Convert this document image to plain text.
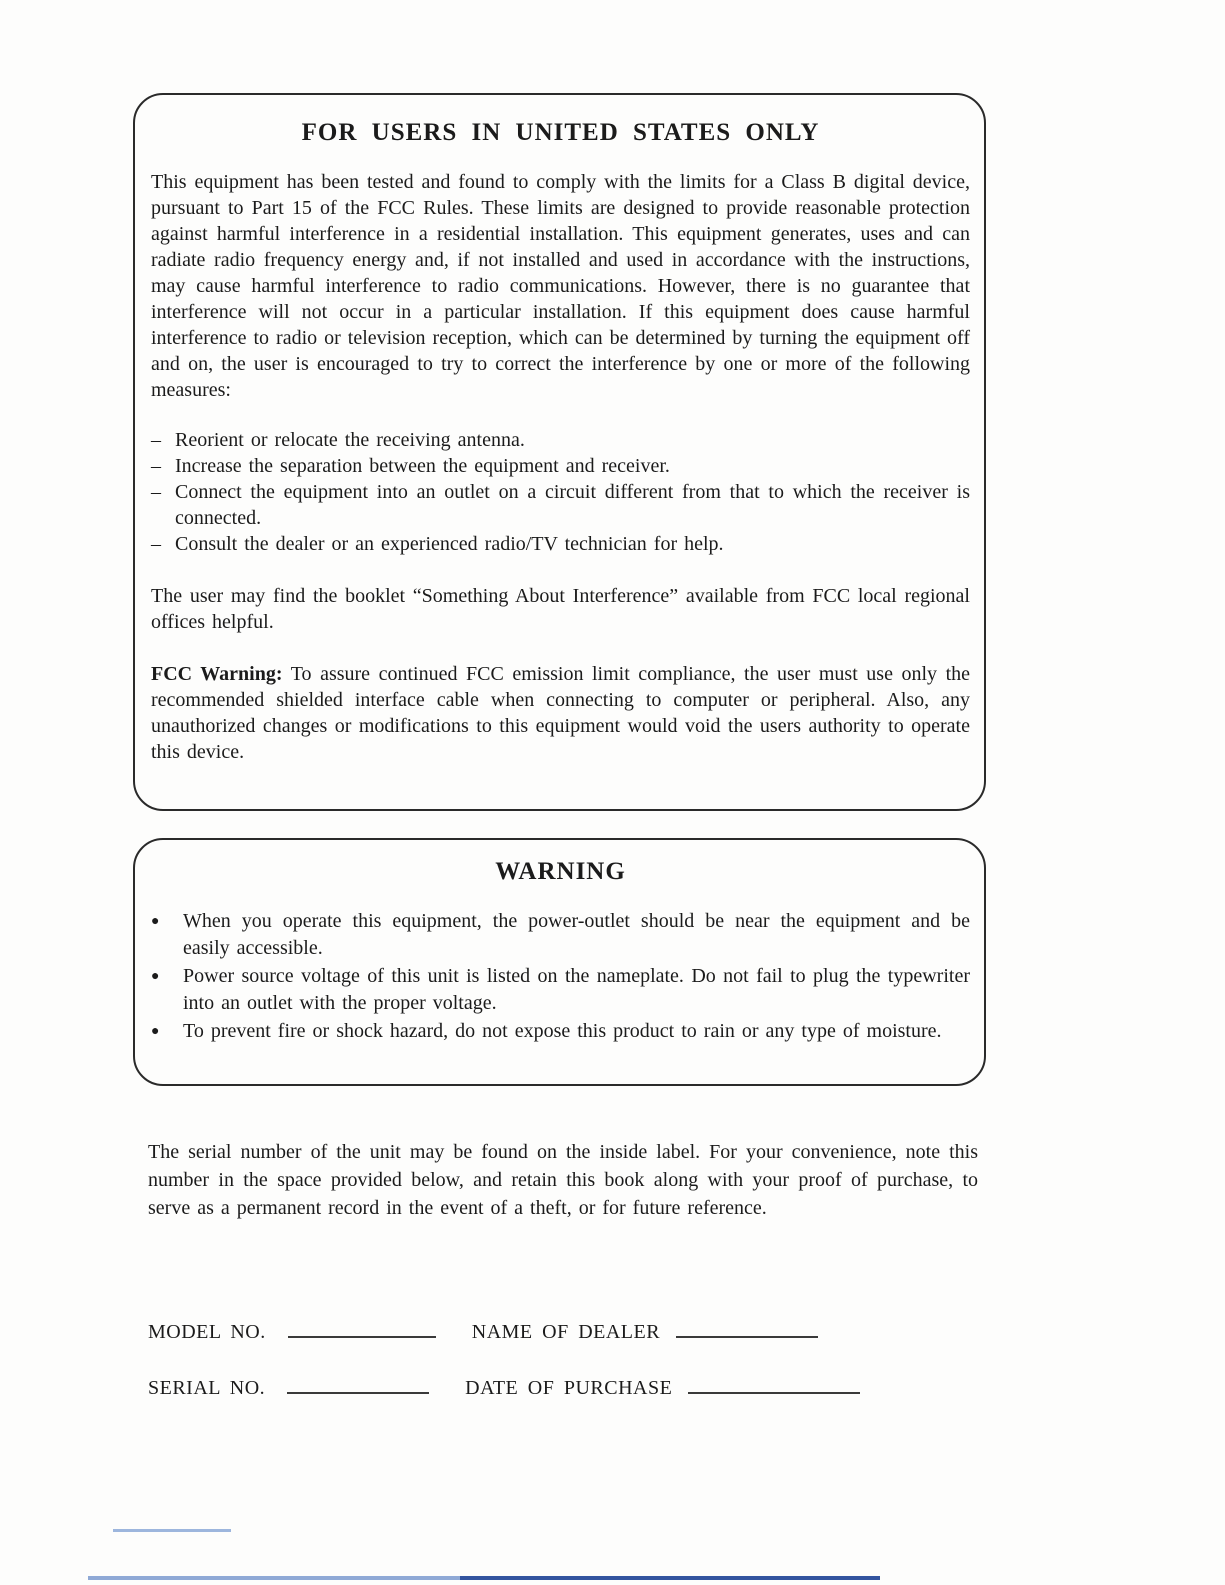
FOR USERS IN UNITED STATES ONLY

This equipment has been tested and found to comply with the limits for a Class B digital device, pursuant to Part 15 of the FCC Rules. These limits are designed to provide reasonable protection against harmful interference in a residential installation. This equipment generates, uses and can radiate radio frequency energy and, if not installed and used in accordance with the instructions, may cause harmful interference to radio communications. However, there is no guarantee that interference will not occur in a particular installation. If this equipment does cause harmful interference to radio or television reception, which can be determined by turning the equipment off and on, the user is encouraged to try to correct the interference by one or more of the following measures:

– Reorient or relocate the receiving antenna.
– Increase the separation between the equipment and receiver.
– Connect the equipment into an outlet on a circuit different from that to which the receiver is connected.
– Consult the dealer or an experienced radio/TV technician for help.

The user may find the booklet “Something About Interference” available from FCC local regional offices helpful.

FCC Warning: To assure continued FCC emission limit compliance, the user must use only the recommended shielded interface cable when connecting to computer or peripheral. Also, any unauthorized changes or modifications to this equipment would void the users authority to operate this device.

WARNING
● When you operate this equipment, the power-outlet should be near the equipment and be easily accessible.
● Power source voltage of this unit is listed on the nameplate. Do not fail to plug the typewriter into an outlet with the proper voltage.
● To prevent fire or shock hazard, do not expose this product to rain or any type of moisture.

The serial number of the unit may be found on the inside label. For your convenience, note this number in the space provided below, and retain this book along with your proof of purchase, to serve as a permanent record in the event of a theft, or for future reference.

MODEL NO.	NAME OF DEALER
SERIAL NO.	DATE OF PURCHASE
